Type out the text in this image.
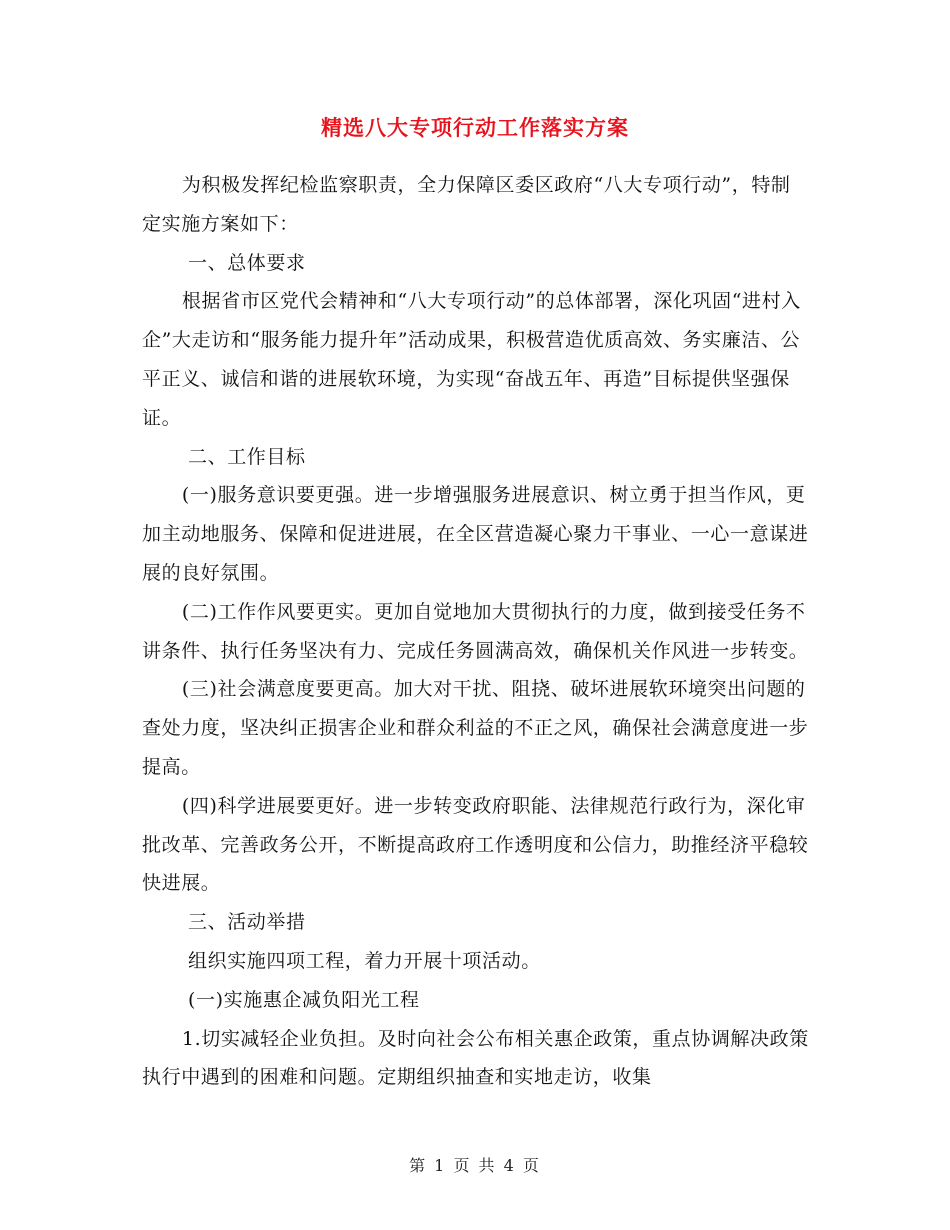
精选八大专项行动工作落实方案

为积极发挥纪检监察职责，全力保障区委区政府“八大专项行动”，特制定实施方案如下：

一、总体要求

根据省市区党代会精神和“八大专项行动”的总体部署，深化巩固“进村入企”大走访和“服务能力提升年”活动成果，积极营造优质高效、务实廉洁、公平正义、诚信和谐的进展软环境，为实现“奋战五年、再造”目标提供坚强保证。

二、工作目标

(一)服务意识要更强。进一步增强服务进展意识、树立勇于担当作风，更加主动地服务、保障和促进进展，在全区营造凝心聚力干事业、一心一意谋进展的良好氛围。

(二)工作作风要更实。更加自觉地加大贯彻执行的力度，做到接受任务不讲条件、执行任务坚决有力、完成任务圆满高效，确保机关作风进一步转变。

(三)社会满意度要更高。加大对干扰、阻挠、破坏进展软环境突出问题的查处力度，坚决纠正损害企业和群众利益的不正之风，确保社会满意度进一步提高。

(四)科学进展要更好。进一步转变政府职能、法律规范行政行为，深化审批改革、完善政务公开，不断提高政府工作透明度和公信力，助推经济平稳较快进展。

三、活动举措

组织实施四项工程，着力开展十项活动。

(一)实施惠企减负阳光工程

1.切实减轻企业负担。及时向社会公布相关惠企政策，重点协调解决政策执行中遇到的困难和问题。定期组织抽查和实地走访，收集

第 1 页 共 4 页
